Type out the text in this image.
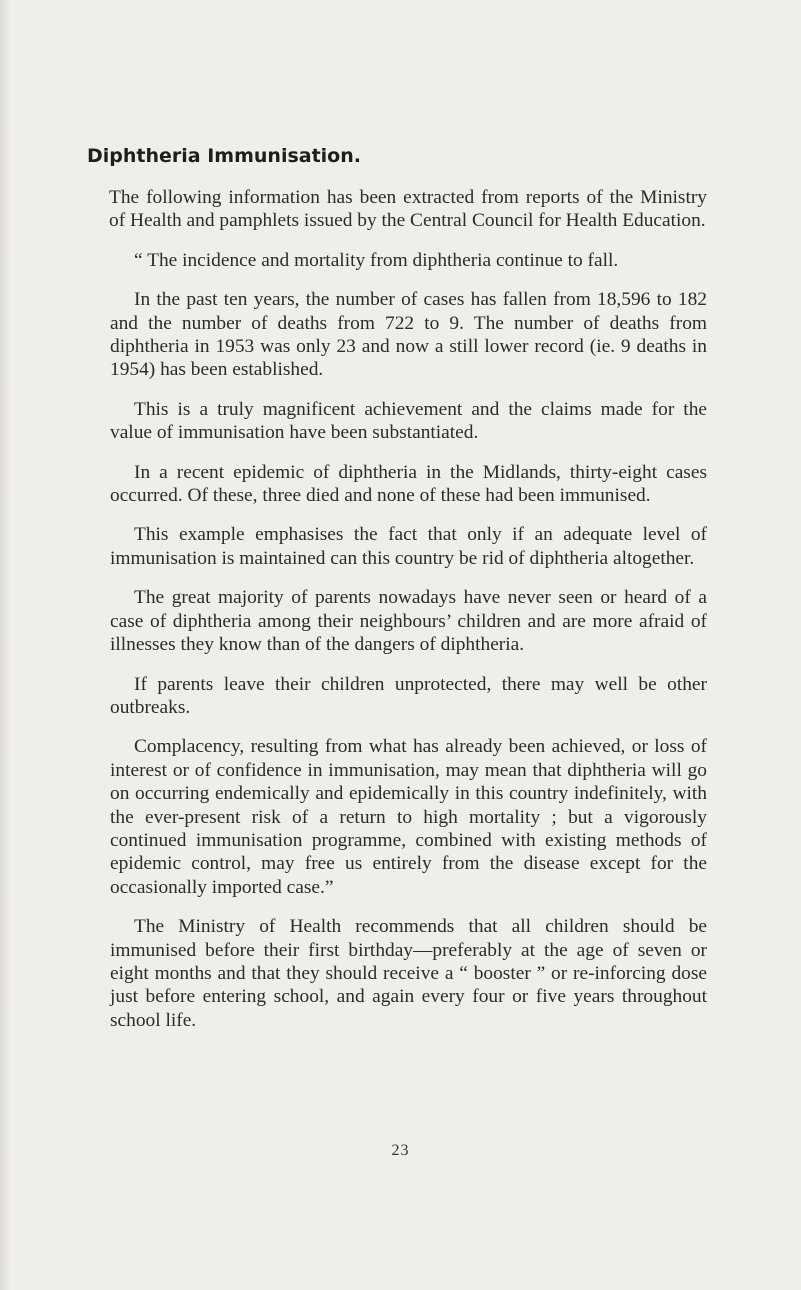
Diphtheria Immunisation.

The following information has been extracted from reports of the Ministry of Health and pamphlets issued by the Central Council for Health Education.

“ The incidence and mortality from diphtheria continue to fall.

In the past ten years, the number of cases has fallen from 18,596 to 182 and the number of deaths from 722 to 9. The number of deaths from diphtheria in 1953 was only 23 and now a still lower record (ie. 9 deaths in 1954) has been established.

This is a truly magnificent achievement and the claims made for the value of immunisation have been substantiated.

In a recent epidemic of diphtheria in the Midlands, thirty-eight cases occurred. Of these, three died and none of these had been immunised.

This example emphasises the fact that only if an adequate level of immunisation is maintained can this country be rid of diphtheria altogether.

The great majority of parents nowadays have never seen or heard of a case of diphtheria among their neighbours’ children and are more afraid of illnesses they know than of the dangers of diphtheria.

If parents leave their children unprotected, there may well be other outbreaks.

Complacency, resulting from what has already been achieved, or loss of interest or of confidence in immunisation, may mean that diphtheria will go on occurring endemically and epidemically in this country indefinitely, with the ever-present risk of a return to high mortality ; but a vigorously continued immunisation programme, combined with existing methods of epidemic control, may free us entirely from the disease except for the occasionally imported case.”

The Ministry of Health recommends that all children should be immunised before their first birthday—preferably at the age of seven or eight months and that they should receive a “ booster ” or re-inforcing dose just before entering school, and again every four or five years throughout school life.

23
